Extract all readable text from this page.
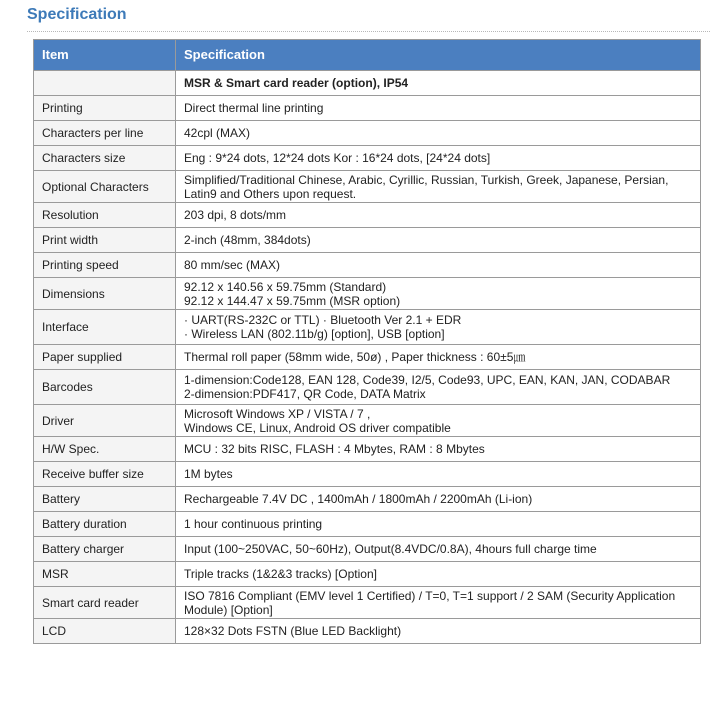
Specification
Item	Specification
	MSR & Smart card reader (option), IP54
Printing	Direct thermal line printing

Characters per line	42cpl (MAX)

Characters size	Eng : 9*24 dots, 12*24 dots Kor : 16*24 dots, [24*24 dots]

Optional Characters	Simplified/Traditional Chinese, Arabic, Cyrillic, Russian, Turkish, Greek, Japanese, Persian,
Latin9 and Others upon request.

Resolution	203 dpi, 8 dots/mm

Print width	2-inch (48mm, 384dots)

Printing speed	80 mm/sec (MAX)

Dimensions	92.12 x 140.56 x 59.75mm (Standard)
92.12 x 144.47 x 59.75mm (MSR option)

Interface	· UART(RS-232C or TTL) · Bluetooth Ver 2.1 + EDR
· Wireless LAN (802.11b/g) [option], USB [option]

Paper supplied	Thermal roll paper (58mm wide, 50ø) , Paper thickness : 60±5㎛

Barcodes	1-dimension:Code128, EAN 128, Code39, I2/5, Code93, UPC, EAN, KAN, JAN, CODABAR
2-dimension:PDF417, QR Code, DATA Matrix

Driver	Microsoft Windows XP / VISTA / 7 ,
Windows CE, Linux, Android OS driver compatible

H/W Spec.	MCU : 32 bits RISC, FLASH : 4 Mbytes, RAM : 8 Mbytes

Receive buffer size	1M bytes

Battery	Rechargeable 7.4V DC , 1400mAh / 1800mAh / 2200mAh (Li-ion)

Battery duration	1 hour continuous printing

Battery charger	Input (100~250VAC, 50~60Hz), Output(8.4VDC/0.8A), 4hours full charge time

MSR	Triple tracks (1&2&3 tracks) [Option]

Smart card reader	ISO 7816 Compliant (EMV level 1 Certified) / T=0, T=1 support / 2 SAM (Security Application
Module) [Option]

LCD	128×32 Dots FSTN (Blue LED Backlight)
